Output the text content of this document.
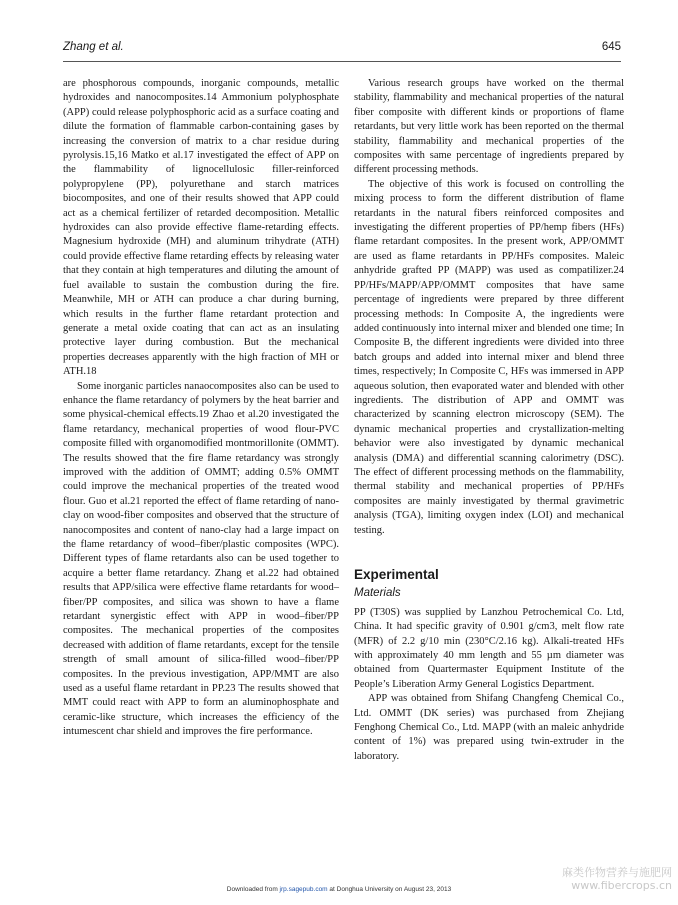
Zhang et al.	645

are phosphorous compounds, inorganic compounds, metallic hydroxides and nanocomposites.14 Ammonium polyphosphate (APP) could release polyphosphoric acid as a surface coating and dilute the formation of flammable carbon-containing gases by increasing the conversion of matrix to a char residue during pyrolysis.15,16 Matko et al.17 investigated the effect of APP on the flammability of lignocellulosic filler-reinforced polypropylene (PP), polyurethane and starch matrices biocomposites, and one of their results showed that APP could act as a chemical fertilizer of retarded decomposition. Metallic hydroxides can also provide effective flame-retarding effects. Magnesium hydroxide (MH) and aluminum trihydrate (ATH) could provide effective flame retarding effects by releasing water that they contain at high temperatures and diluting the amount of fuel available to sustain the combustion during the fire. Meanwhile, MH or ATH can produce a char during burning, which results in the further flame retardant protection and generate a metal oxide coating that can act as an insulating protective layer during combustion. But the mechanical properties decreases apparently with the high fraction of MH or ATH.18

Some inorganic particles nanaocomposites also can be used to enhance the flame retardancy of polymers by the heat barrier and some physical-chemical effects.19 Zhao et al.20 investigated the flame retardancy, mechanical properties of wood flour-PVC composite filled with organomodified montmorillonite (OMMT). The results showed that the fire flame retardancy was strongly improved with the addition of OMMT; adding 0.5% OMMT could improve the mechanical properties of the treated wood flour. Guo et al.21 reported the effect of flame retarding of nano-clay on wood-fiber composites and observed that the structure of nanocomposites and content of nano-clay had a large impact on the flame retardancy of wood–fiber/plastic composites (WPC). Different types of flame retardants also can be used together to acquire a better flame retardancy. Zhang et al.22 had obtained results that APP/silica were effective flame retardants for wood–fiber/PP composites, and silica was shown to have a flame retardant synergistic effect with APP in wood–fiber/PP composites. The mechanical properties of the composites decreased with addition of flame retardants, except for the tensile strength of small amount of silica-filled wood–fiber/PP composites. In the previous investigation, APP/MMT are also used as a useful flame retardant in PP.23 The results showed that MMT could react with APP to form an aluminophosphate and ceramic-like structure, which increases the efficiency of the intumescent char shield and improves the fire performance.

Various research groups have worked on the thermal stability, flammability and mechanical properties of the natural fiber composite with different kinds or proportions of flame retardants, but very little work has been reported on the thermal stability, flammability and mechanical properties of the composites with same percentage of ingredients prepared by different processing methods.

The objective of this work is focused on controlling the mixing process to form the different distribution of flame retardants in the natural fibers reinforced composites and investigating the different properties of PP/hemp fibers (HFs) flame retardant composites. In the present work, APP/OMMT are used as flame retardants in PP/HFs composites. Maleic anhydride grafted PP (MAPP) was used as compatilizer.24 PP/HFs/MAPP/APP/OMMT composites that have same percentage of ingredients were prepared by three different processing methods: In Composite A, the ingredients were added continuously into internal mixer and blended one time; In Composite B, the different ingredients were divided into three batch groups and added into internal mixer and blend three times, respectively; In Composite C, HFs was immersed in APP aqueous solution, then evaporated water and blended with other ingredients. The distribution of APP and OMMT was characterized by scanning electron microscopy (SEM). The dynamic mechanical properties and crystallization-melting behavior were also investigated by dynamic mechanical analysis (DMA) and differential scanning calorimetry (DSC). The effect of different processing methods on the flammability, thermal stability and mechanical properties of PP/HFs composites are mainly investigated by thermal gravimetric analysis (TGA), limiting oxygen index (LOI) and mechanical testing.

Experimental
Materials

PP (T30S) was supplied by Lanzhou Petrochemical Co. Ltd, China. It had specific gravity of 0.901 g/cm3, melt flow rate (MFR) of 2.2 g/10 min (230°C/2.16 kg). Alkali-treated HFs with approximately 40 mm length and 55 µm diameter was obtained from Quartermaster Equipment Institute of the People’s Liberation Army General Logistics Department.

APP was obtained from Shifang Changfeng Chemical Co., Ltd. OMMT (DK series) was purchased from Zhejiang Fenghong Chemical Co., Ltd. MAPP (with an maleic anhydride content of 1%) was prepared using twin-extruder in the laboratory.

Downloaded from jrp.sagepub.com at Donghua University on August 23, 2013
麻类作物营养与施肥网
www.fibercrops.cn
